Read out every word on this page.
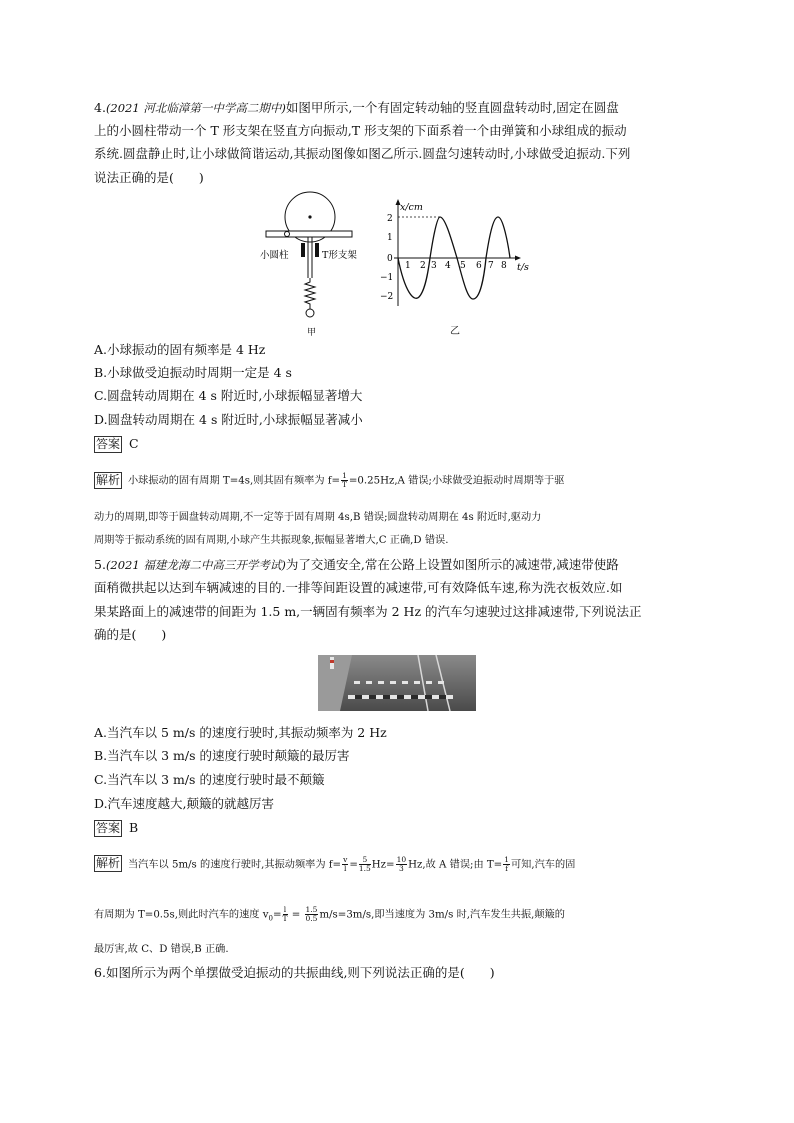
4.(2021 河北临漳第一中学高二期中)如图甲所示,一个有固定转动轴的竖直圆盘转动时,固定在圆盘
上的小圆柱带动一个 T 形支架在竖直方向振动,T 形支架的下面系着一个由弹簧和小球组成的振动
系统.圆盘静止时,让小球做简谐运动,其振动图像如图乙所示.圆盘匀速转动时,小球做受迫振动.下列
说法正确的是(　　)
小圆柱	T形支架
甲
x/cm
t/s
2
1
0
−1
−2
1 2 3 4 5 6 7 8
乙
A.小球振动的固有频率是 4 Hz
B.小球做受迫振动时周期一定是 4 s
C.圆盘转动周期在 4 s 附近时,小球振幅显著增大
D.圆盘转动周期在 4 s 附近时,小球振幅显著减小
答案 C
解析 小球振动的固有周期 T=4s,则其固有频率为 $f= \frac{1}{T} =0.25Hz,A$ 错误;小球做受迫振动时周期等于驱
动力的周期,即等于圆盘转动周期,不一定等于固有周期 4s,B 错误;圆盘转动周期在 4s 附近时,驱动力
周期等于振动系统的固有周期,小球产生共振现象,振幅显著增大,C 正确,D 错误.
5.(2021 福建龙海二中高三开学考试)为了交通安全,常在公路上设置如图所示的减速带,减速带使路
面稍微拱起以达到车辆减速的目的.一排等间距设置的减速带,可有效降低车速,称为洗衣板效应.如
果某路面上的减速带的间距为 1.5 m,一辆固有频率为 2 Hz 的汽车匀速驶过这排减速带,下列说法正
确的是(　　)
A.当汽车以 5 m/s 的速度行驶时,其振动频率为 2 Hz
B.当汽车以 3 m/s 的速度行驶时颠簸的最厉害
C.当汽车以 3 m/s 的速度行驶时最不颠簸
D.汽车速度越大,颠簸的就越厉害
答案 B
解析 当汽车以 5m/s 的速度行驶时,其振动频率为 $f= \frac{v}{l} = \frac{5}{1.5} Hz= \frac{10}{3} Hz$,故 A 错误;由 $T= \frac{1}{f}$ 可知,汽车的固
有周期为 T=0.5s,则此时汽车的速度 $v_0= \frac{l}{T} = \frac{1.5}{0.5} m/s=3m/s$,即当速度为 3m/s 时,汽车发生共振,颠簸的
最厉害,故 C、D 错误,B 正确.
6.如图所示为两个单摆做受迫振动的共振曲线,则下列说法正确的是(　　)
